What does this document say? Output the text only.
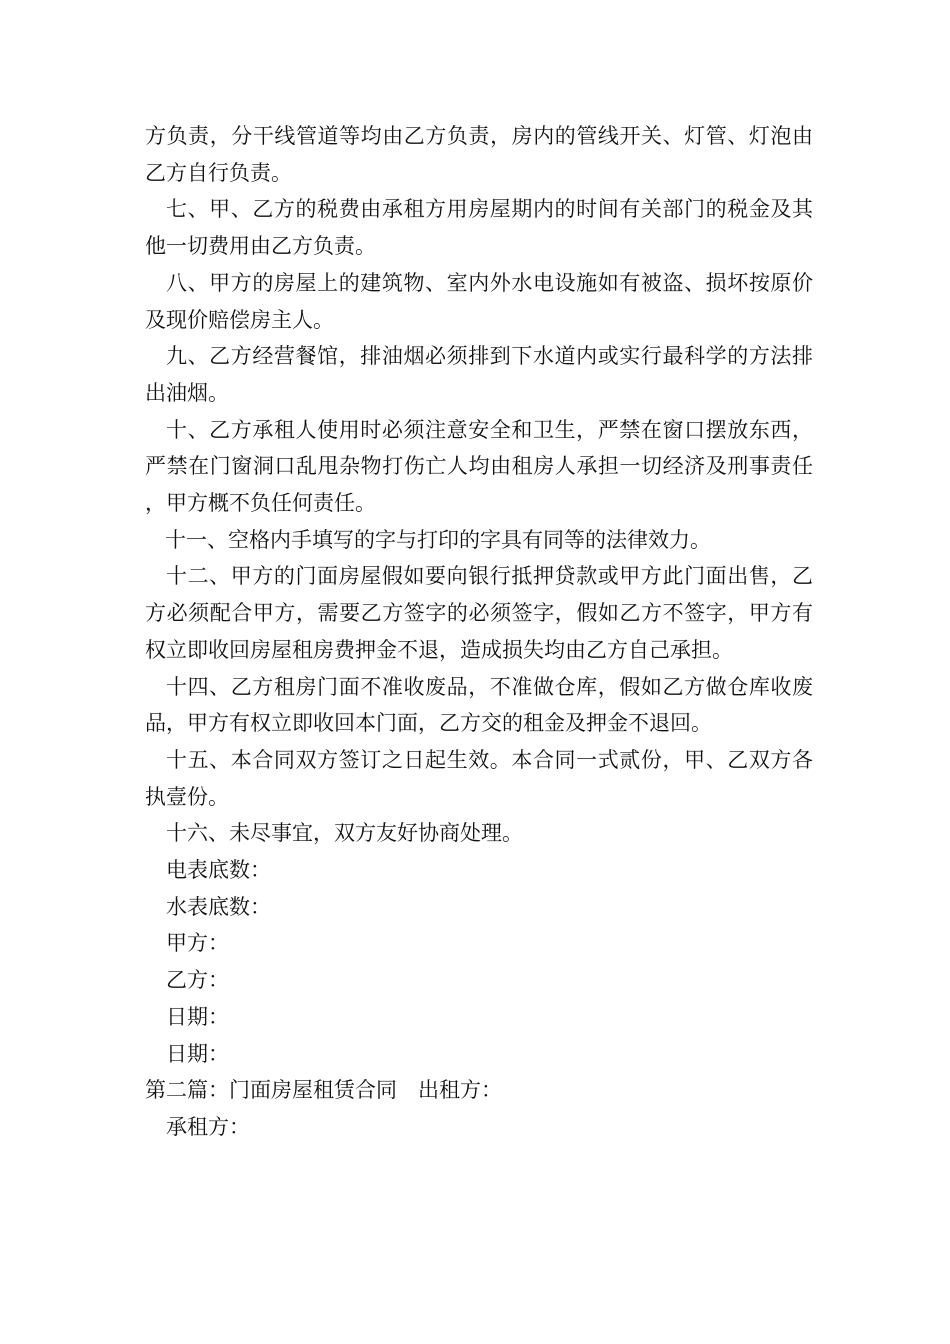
方负责，分干线管道等均由乙方负责，房内的管线开关、灯管、灯泡由乙方自行负责。

七、甲、乙方的税费由承租方用房屋期内的时间有关部门的税金及其他一切费用由乙方负责。

八、甲方的房屋上的建筑物、室内外水电设施如有被盗、损坏按原价及现价赔偿房主人。

九、乙方经营餐馆，排油烟必须排到下水道内或实行最科学的方法排出油烟。

十、乙方承租人使用时必须注意安全和卫生，严禁在窗口摆放东西，严禁在门窗洞口乱甩杂物打伤亡人均由租房人承担一切经济及刑事责任，甲方概不负任何责任。

十一、空格内手填写的字与打印的字具有同等的法律效力。

十二、甲方的门面房屋假如要向银行抵押贷款或甲方此门面出售，乙方必须配合甲方，需要乙方签字的必须签字，假如乙方不签字，甲方有权立即收回房屋租房费押金不退，造成损失均由乙方自己承担。

十四、乙方租房门面不准收废品，不准做仓库，假如乙方做仓库收废品，甲方有权立即收回本门面，乙方交的租金及押金不退回。

十五、本合同双方签订之日起生效。本合同一式贰份，甲、乙双方各执壹份。

十六、未尽事宜，双方友好协商处理。

电表底数：

水表底数：

甲方：

乙方：

日期：

日期：

第二篇：门面房屋租赁合同　出租方：

承租方：
